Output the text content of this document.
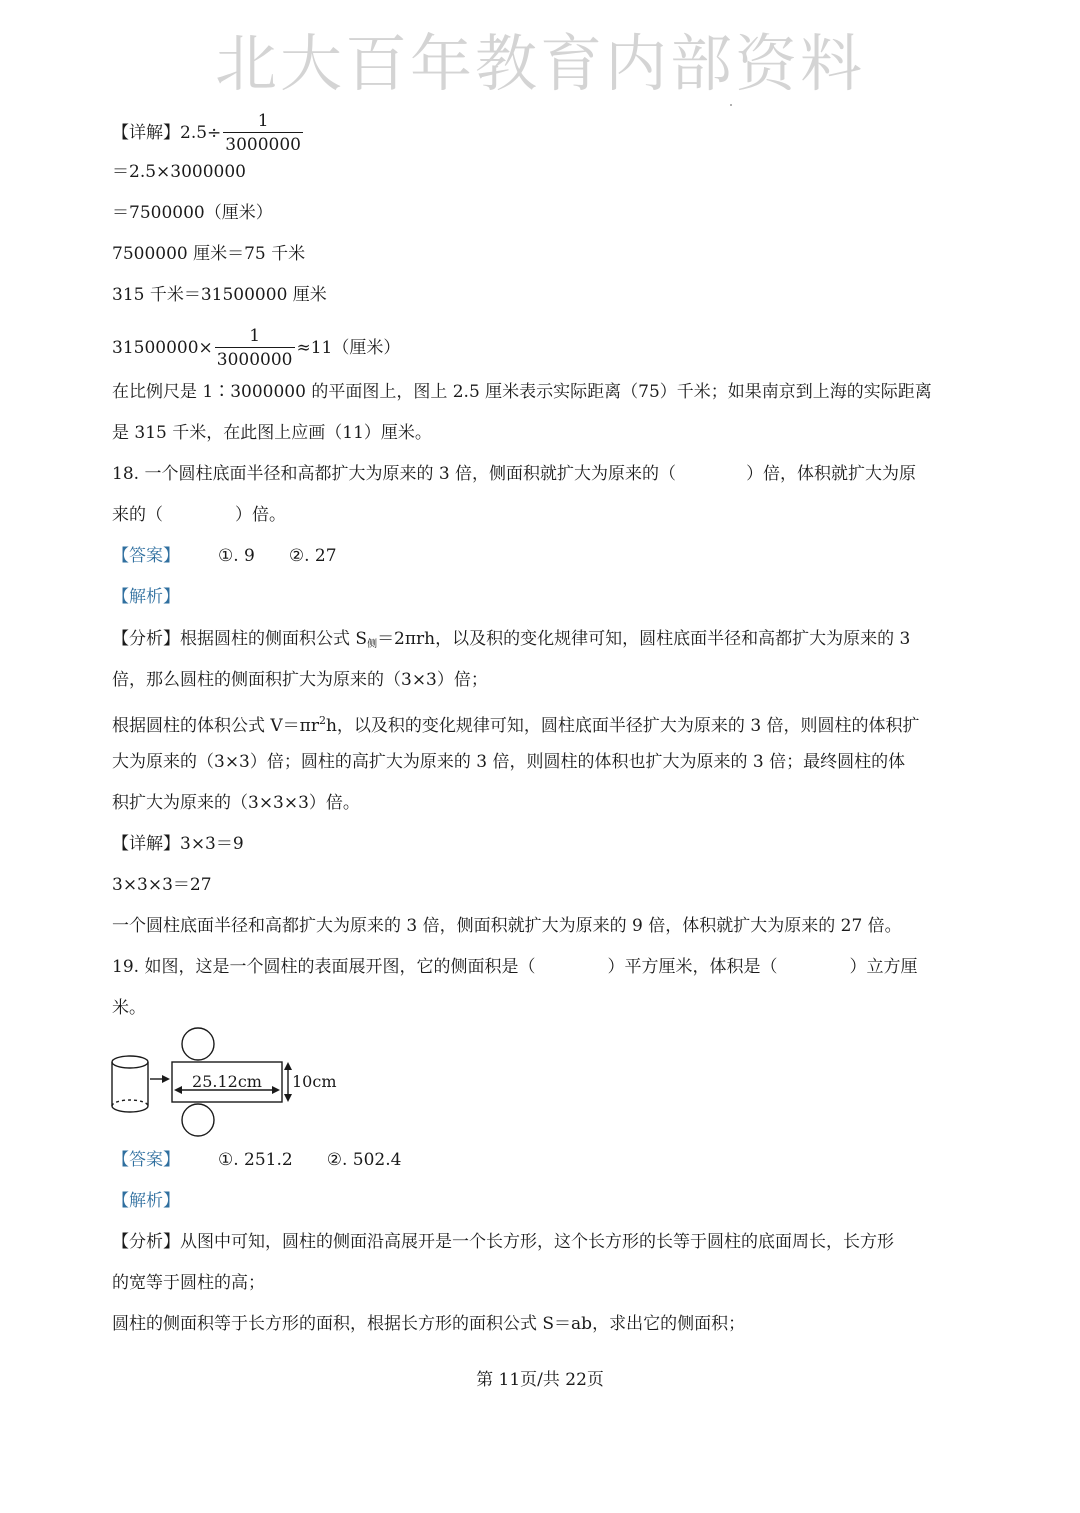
北大百年教育内部资料
【详解】$2.5\div \frac{1}{3000000}$
＝2.5×3000000
＝7500000（厘米）
7500000 厘米＝75 千米
315 千米＝31500000 厘米
$31500000\times \frac{1}{3000000} \approx 11$（厘米）
在比例尺是 1∶3000000 的平面图上，图上 2.5 厘米表示实际距离（75）千米；如果南京到上海的实际距离
是 315 千米，在此图上应画（11）厘米。
18. 一个圆柱底面半径和高都扩大为原来的 3 倍，侧面积就扩大为原来的（	）倍，体积就扩大为原
来的（	）倍。
【答案】 ①. 9 ②. 27
【解析】
【分析】根据圆柱的侧面积公式 $S_侧=2\pi rh$，以及积的变化规律可知，圆柱底面半径和高都扩大为原来的 3
倍，那么圆柱的侧面积扩大为原来的（3×3）倍；
根据圆柱的体积公式 $V=\pi r^2h$，以及积的变化规律可知，圆柱底面半径扩大为原来的 3 倍，则圆柱的体积扩
大为原来的（3×3）倍；圆柱的高扩大为原来的 3 倍，则圆柱的体积也扩大为原来的 3 倍；最终圆柱的体
积扩大为原来的（3×3×3）倍。
【详解】3×3＝9
3×3×3＝27
一个圆柱底面半径和高都扩大为原来的 3 倍，侧面积就扩大为原来的 9 倍，体积就扩大为原来的 27 倍。
19. 如图，这是一个圆柱的表面展开图，它的侧面积是（	）平方厘米，体积是（	）立方厘
米。
25.12cm 10cm
【答案】 ①. 251.2 ②. 502.4
【解析】
【分析】从图中可知，圆柱的侧面沿高展开是一个长方形，这个长方形的长等于圆柱的底面周长，长方形
的宽等于圆柱的高；
圆柱的侧面积等于长方形的面积，根据长方形的面积公式 S＝ab，求出它的侧面积；
第 11页/共 22页
